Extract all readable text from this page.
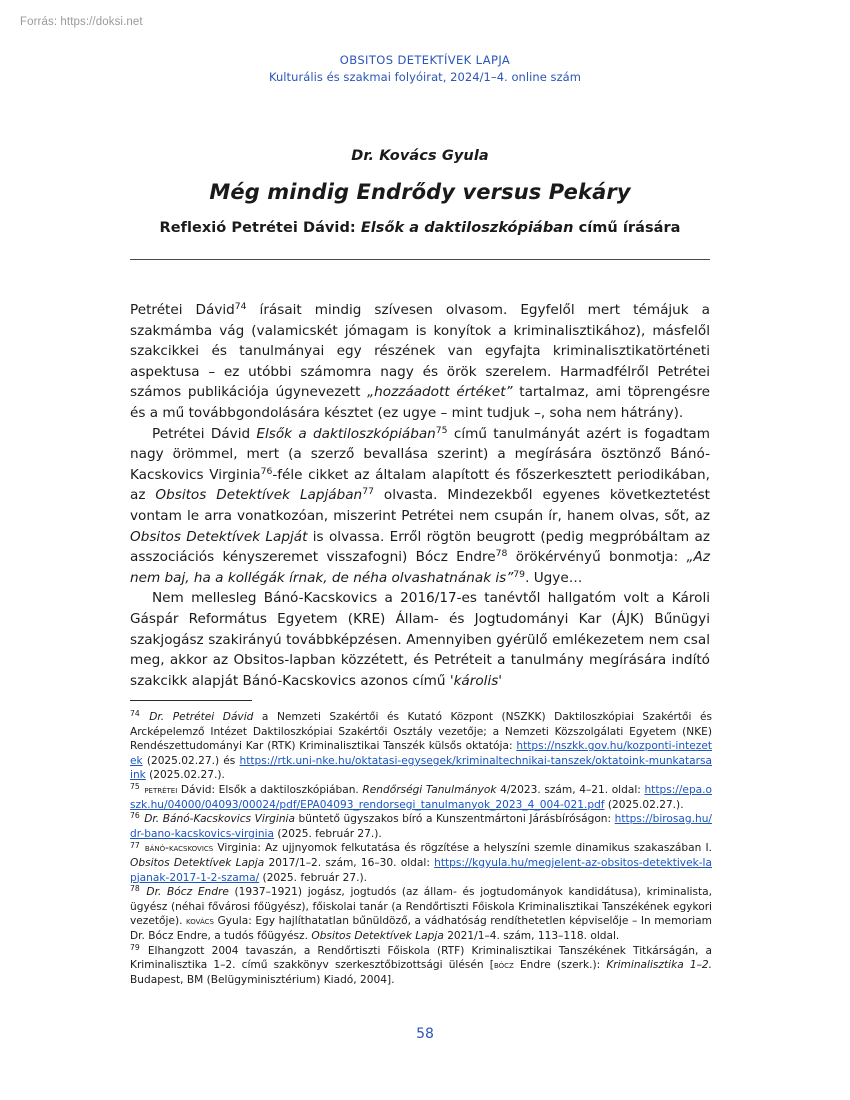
Forrás: https://doksi.net
OBSITOS DETEKTÍVEK LAPJA
Kulturális és szakmai folyóirat, 2024/1–4. online szám

Dr. Kovács Gyula

Még mindig Endrődy versus Pekáry

Reflexió Petrétei Dávid: Elsők a daktiloszkópiában című írására

Petrétei Dávid$^{74}$ írásait mindig szívesen olvasom. Egyfelől mert témájuk a szakmámba vág (valamicskét jómagam is konyítok a kriminalisztikához), másfelől szakcikkei és tanulmányai egy részének van egyfajta kriminalisztikatörténeti aspektusa – ez utóbbi számomra nagy és örök szerelem. Harmadfélről Petrétei számos publikációja úgynevezett „hozzáadott értéket” tartalmaz, ami töprengésre és a mű továbbgondolására késztet (ez ugye – mint tudjuk –, soha nem hátrány).

Petrétei Dávid Elsők a daktiloszkópiában$^{75}$ című tanulmányát azért is fogadtam nagy örömmel, mert (a szerző bevallása szerint) a megírására ösztönző Bánó-Kacskovics Virginia$^{76}$-féle cikket az általam alapított és főszerkesztett periodikában, az Obsitos Detektívek Lapjában$^{77}$ olvasta. Mindezekből egyenes következtetést vontam le arra vonatkozóan, miszerint Petrétei nem csupán ír, hanem olvas, sőt, az Obsitos Detektívek Lapját is olvassa. Erről rögtön beugrott (pedig megpróbáltam az asszociációs kényszeremet visszafogni) Bócz Endre$^{78}$ örökérvényű bonmotja: „Az nem baj, ha a kollégák írnak, de néha olvashatnának is”$^{79}$. Ugye…

Nem mellesleg Bánó-Kacskovics a 2016/17-es tanévtől hallgatóm volt a Károli Gáspár Református Egyetem (KRE) Állam- és Jogtudományi Kar (ÁJK) Bűnügyi szakjogász szakirányú továbbképzésen. Amennyiben gyérülő emlékezetem nem csal meg, akkor az Obsitos-lapban közzétett, és Petréteit a tanulmány megírására indító szakcikk alapját Bánó-Kacskovics azonos című 'károlis'

$^{74}$ Dr. Petrétei Dávid a Nemzeti Szakértői és Kutató Központ (NSZKK) Daktiloszkópiai Szakértői és Arcképelemző Intézet Daktiloszkópiai Szakértői Osztály vezetője; a Nemzeti Közszolgálati Egyetem (NKE) Rendészettudományi Kar (RTK) Kriminalisztikai Tanszék külsős oktatója: https://nszkk.gov.hu/kozponti-intezetek (2025.02.27.) és https://rtk.uni-nke.hu/oktatasi-egysegek/kriminaltechnikai-tanszek/oktatoink-munkatarsaink (2025.02.27.).

$^{75}$ petrétei Dávid: Elsők a daktiloszkópiában. Rendőrségi Tanulmányok 4/2023. szám, 4–21. oldal: https://epa.oszk.hu/04000/04093/00024/pdf/EPA04093_rendorsegi_tanulmanyok_2023_4_004-021.pdf (2025.02.27.).

$^{76}$ Dr. Bánó-Kacskovics Virginia büntető ügyszakos bíró a Kunszentmártoni Járásbíróságon: https://birosag.hu/dr-bano-kacskovics-virginia (2025. február 27.).

$^{77}$ bánó-kacskovics Virginia: Az ujjnyomok felkutatása és rögzítése a helyszíni szemle dinamikus szakaszában I. Obsitos Detektívek Lapja 2017/1–2. szám, 16–30. oldal: https://kgyula.hu/megjelent-az-obsitos-detektivek-lapjanak-2017-1-2-szama/ (2025. február 27.).

$^{78}$ Dr. Bócz Endre (1937–1921) jogász, jogtudós (az állam- és jogtudományok kandidátusa), kriminalista, ügyész (néhai fővárosi főügyész), főiskolai tanár (a Rendőrtiszti Főiskola Kriminalisztikai Tanszékének egykori vezetője). kovács Gyula: Egy hajlíthatatlan bűnüldöző, a vádhatóság rendíthetetlen képviselője – In memoriam Dr. Bócz Endre, a tudós főügyész. Obsitos Detektívek Lapja 2021/1–4. szám, 113–118. oldal.

$^{79}$ Elhangzott 2004 tavaszán, a Rendőrtiszti Főiskola (RTF) Kriminalisztikai Tanszékének Titkárságán, a Kriminalisztika 1–2. című szakkönyv szerkesztőbizottsági ülésén [bócz Endre (szerk.): Kriminalisztika 1–2. Budapest, BM (Belügyminisztérium) Kiadó, 2004].

58
